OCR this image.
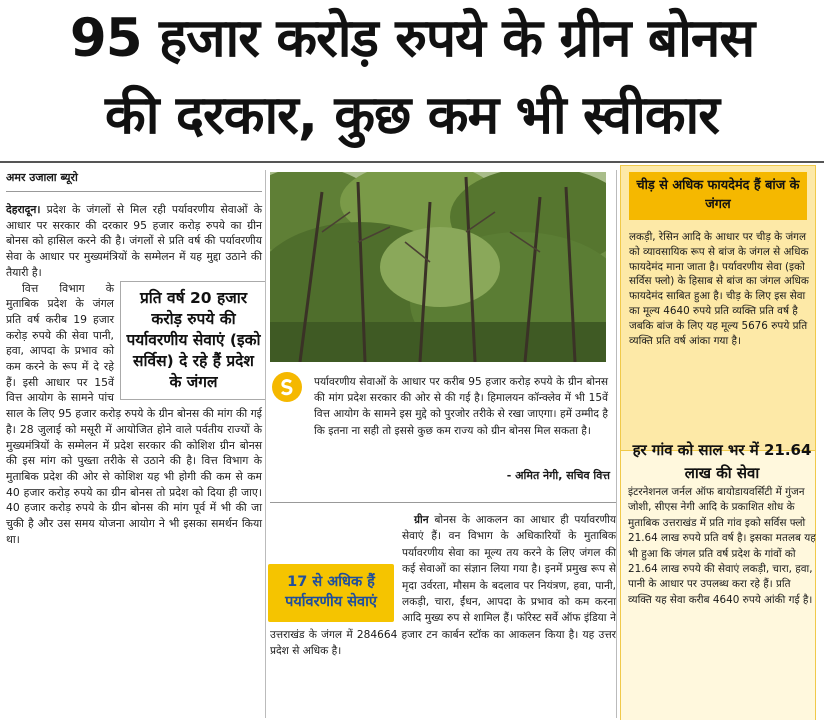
95 हजार करोड़ रुपये के ग्रीन बोनस
की दरकार, कुछ कम भी स्वीकार
अमर उजाला ब्यूरो

देहरादून। प्रदेश के जंगलों से मिल रही पर्यावरणीय सेवाओं के आधार पर सरकार की दरकार 95 हजार करोड़ रुपये का ग्रीन बोनस को हासिल करने की है। जंगलों से प्रति वर्ष की पर्यावरणीय सेवा के आधार पर मुख्यमंत्रियों के सम्मेलन में यह मुद्दा उठाने की तैयारी है।

प्रति वर्ष 20 हजार करोड़ रुपये की पर्यावरणीय सेवाएं (इको सर्विस) दे रहे हैं प्रदेश के जंगल

वित्त विभाग के मुताबिक प्रदेश के जंगल प्रति वर्ष करीब 19 हजार करोड़ रुपये की सेवा पानी, हवा, आपदा के प्रभाव को कम करने के रूप में दे रहे हैं। इसी आधार पर 15वें वित्त आयोग के सामने पांच साल के लिए 95 हजार करोड़ रुपये के ग्रीन बोनस की मांग की गई है। 28 जुलाई को मसूरी में आयोजित होने वाले पर्वतीय राज्यों के मुख्यमंत्रियों के सम्मेलन में प्रदेश सरकार की कोशिश ग्रीन बोनस की इस मांग को पुख्ता तरीके से उठाने की है। वित्त विभाग के मुताबिक प्रदेश की ओर से कोशिश यह भी होगी की कम से कम 40 हजार करोड़ रुपये का ग्रीन बोनस तो प्रदेश को दिया ही जाए। 40 हजार करोड़ रुपये के ग्रीन बोनस की मांग पूर्व में भी की जा चुकी है और उस समय योजना आयोग ने भी इसका समर्थन किया था।

पर्यावरणीय सेवाओं के आधार पर करीब 95 हजार करोड़ रुपये के ग्रीन बोनस की मांग प्रदेश सरकार की ओर से की गई है। हिमालयन कॉन्क्लेव में भी 15वें वित्त आयोग के सामने इस मुद्दे को पुरजोर तरीके से रखा जाएगा। हमें उम्मीद है कि इतना ना सही तो इससे कुछ कम राज्य को ग्रीन बोनस मिल सकता है।
- अमित नेगी, सचिव वित्त
17 से अधिक हैं पर्यावरणीय सेवाएं

ग्रीन बोनस के आकलन का आधार ही पर्यावरणीय सेवाएं हैं। वन विभाग के अधिकारियों के मुताबिक पर्यावरणीय सेवा का मूल्य तय करने के लिए जंगल की कई सेवाओं का संज्ञान लिया गया है। इनमें प्रमुख रूप से मृदा उर्वरता, मौसम के बदलाव पर नियंत्रण, हवा, पानी, लकड़ी, चारा, ईंधन, आपदा के प्रभाव को कम करना आदि मुख्य रुप से शामिल हैं। फॉरेस्ट सर्वे ऑफ इंडिया ने उत्तराखंड के जंगल में 284664 हजार टन कार्बन स्टॉक का आकलन किया है। यह उत्तर प्रदेश से अधिक है।

चीड़ से अधिक फायदेमंद हैं बांज के जंगल
लकड़ी, रेसिन आदि के आधार पर चीड़ के जंगल को व्यावसायिक रूप से बांज के जंगल से अधिक फायदेमंद माना जाता है। पर्यावरणीय सेवा (इको सर्विस फ्लो) के हिसाब से बांज का जंगल अधिक फायदेमंद साबित हुआ है। चीड़ के लिए इस सेवा का मूल्य 4640 रुपये प्रति व्यक्ति प्रति वर्ष है जबकि बांज के लिए यह मूल्य 5676 रुपये प्रति व्यक्ति प्रति वर्ष आंका गया है।
हर गांव को साल भर में 21.64 लाख की सेवा
इंटरनेशनल जर्नल ऑफ बायोडायवर्सिटी में गुंजन जोशी, सीएस नेगी आदि के प्रकाशित शोध के मुताबिक उत्तराखंड में प्रति गांव इको सर्विस फ्लो 21.64 लाख रुपये प्रति वर्ष है। इसका मतलब यह भी हुआ कि जंगल प्रति वर्ष प्रदेश के गांवों को 21.64 लाख रुपये की सेवाएं लकड़ी, चारा, हवा, पानी के आधार पर उपलब्ध करा रहे हैं। प्रति व्यक्ति यह सेवा करीब 4640 रुपये आंकी गई है।
